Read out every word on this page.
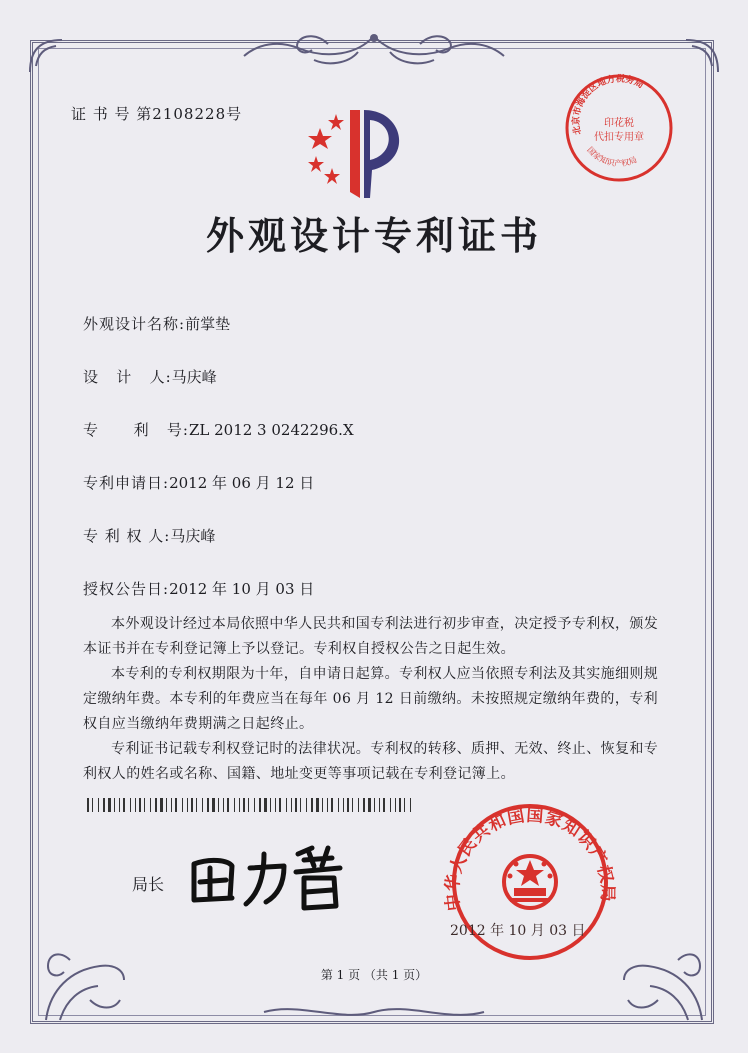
证 书 号 第2108228号
北京市海淀区地方税务局
印花税
代扣专用章
国家知识产权局
外观设计专利证书
外观设计名称:前掌垫
设   计   人:马庆峰
专      利   号:ZL 2012 3 0242296.X
专利申请日:2012 年 06 月 12 日
专 利 权 人:马庆峰
授权公告日:2012 年 10 月 03 日

本外观设计经过本局依照中华人民共和国专利法进行初步审查，决定授予专利权，颁发本证书并在专利登记簿上予以登记。专利权自授权公告之日起生效。

本专利的专利权期限为十年，自申请日起算。专利权人应当依照专利法及其实施细则规定缴纳年费。本专利的年费应当在每年 06 月 12 日前缴纳。未按照规定缴纳年费的，专利权自应当缴纳年费期满之日起终止。

专利证书记载专利权登记时的法律状况。专利权的转移、质押、无效、终止、恢复和专利权人的姓名或名称、国籍、地址变更等事项记载在专利登记簿上。

局长
中华人民共和国国家知识产权局
2012 年 10 月 03 日
第 1 页 （共 1 页）
